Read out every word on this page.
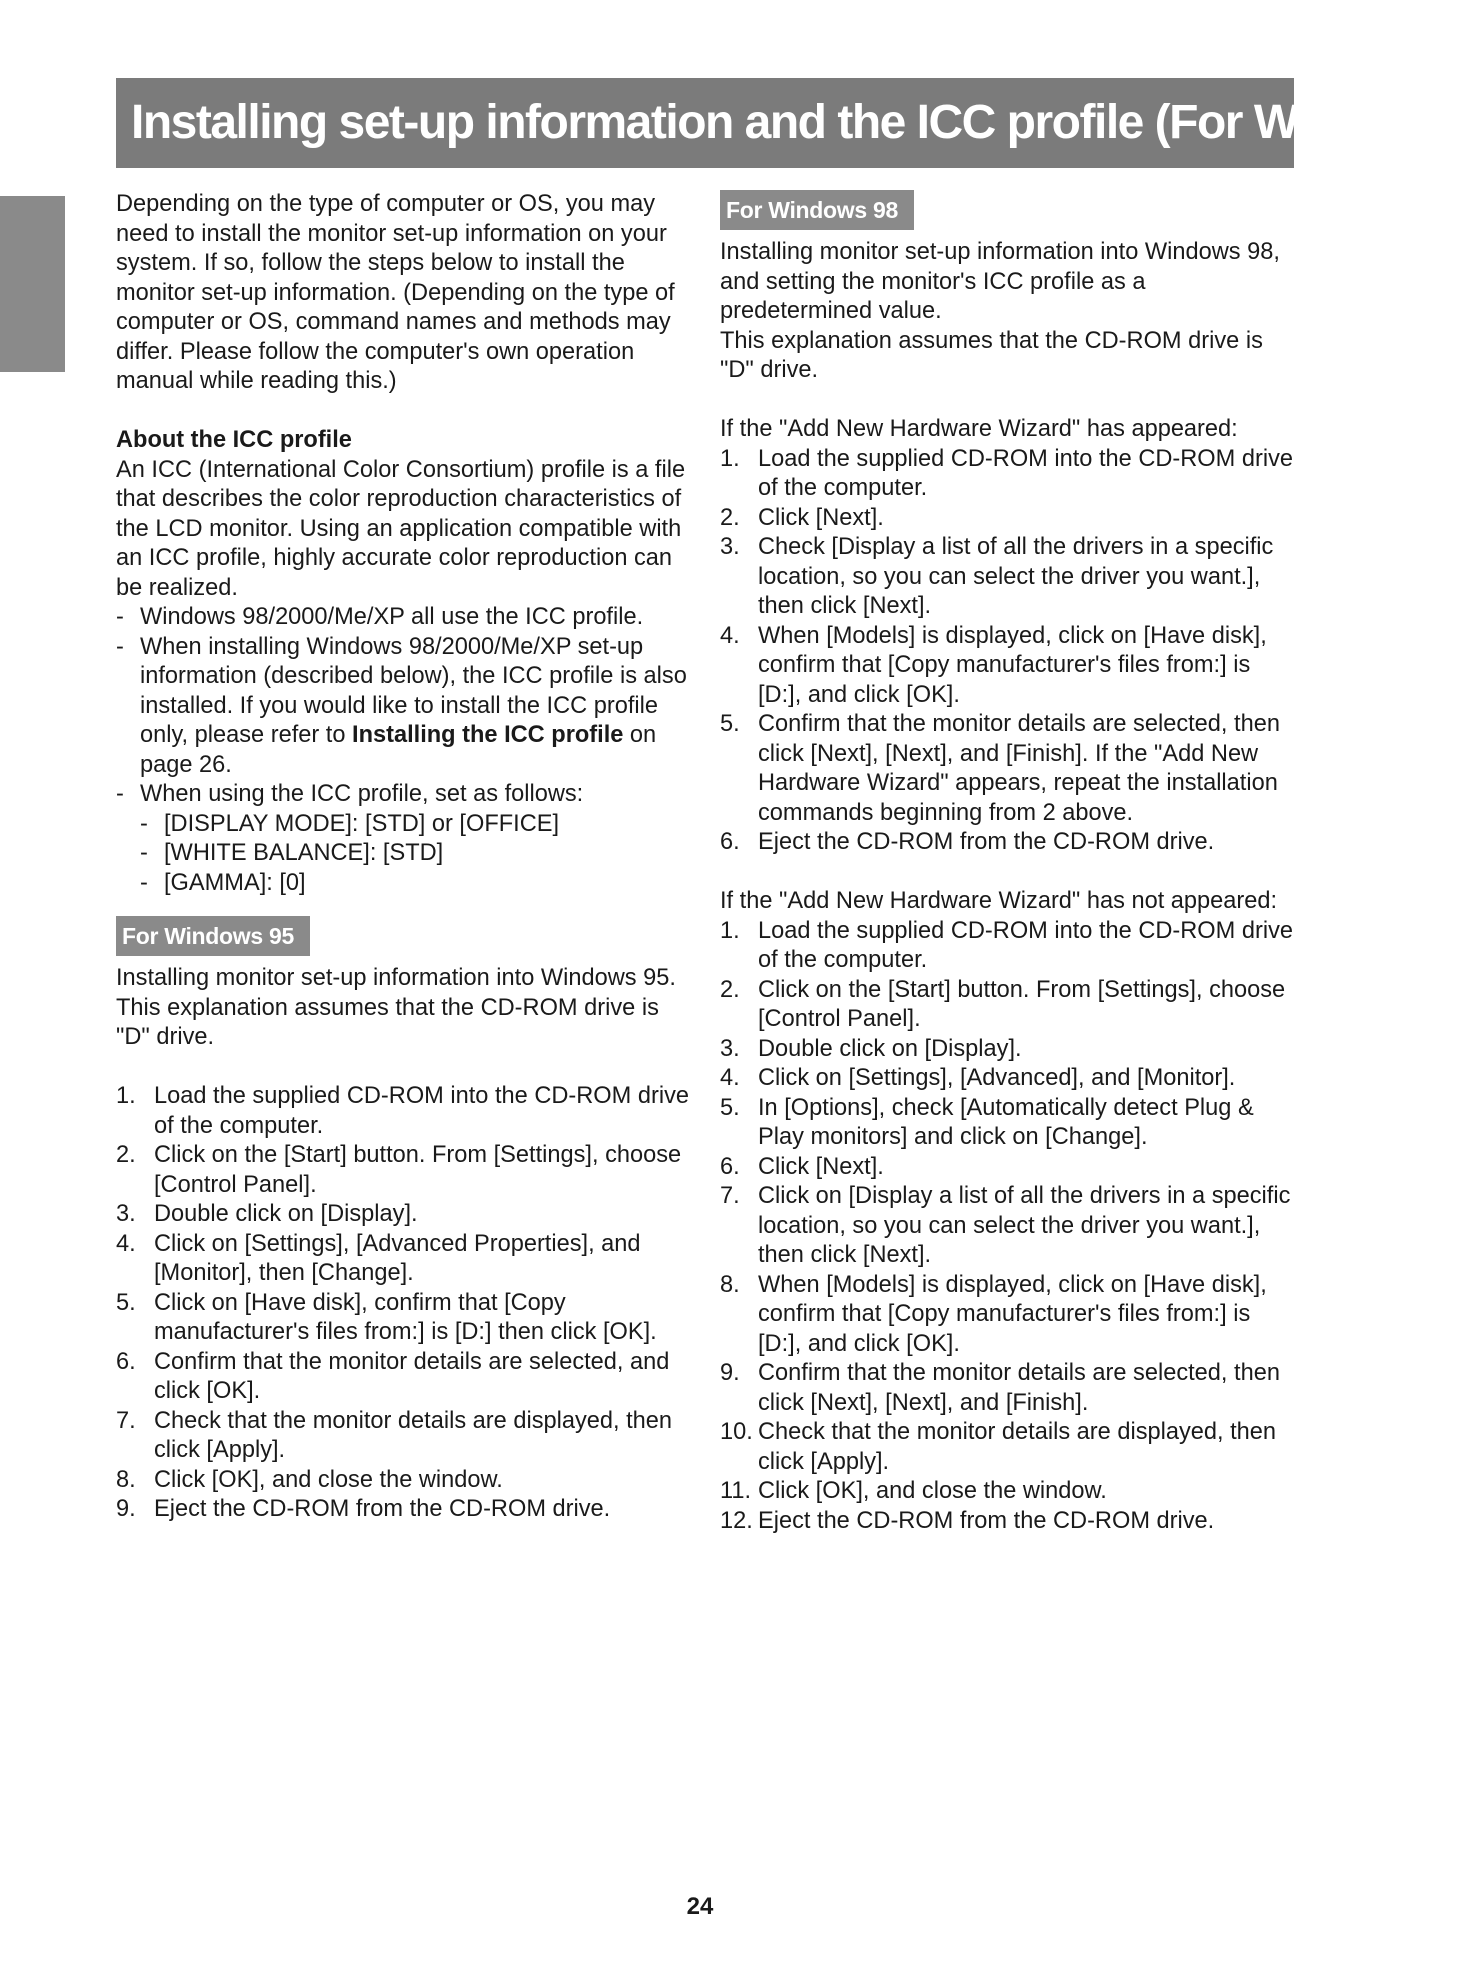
Installing set-up information and the ICC profile (For Windows)

Depending on the type of computer or OS, you may need to install the monitor set-up information on your system. If so, follow the steps below to install the monitor set-up information. (Depending on the type of computer or OS, command names and methods may differ. Please follow the computer's own operation manual while reading this.)

About the ICC profile

An ICC (International Color Consortium) profile is a file that describes the color reproduction characteristics of the LCD monitor. Using an application compatible with an ICC profile, highly accurate color reproduction can be realized.

- Windows 98/2000/Me/XP all use the ICC profile.
- When installing Windows 98/2000/Me/XP set-up information (described below), the ICC profile is also installed. If you would like to install the ICC profile only, please refer to Installing the ICC profile on page 26.
- When using the ICC profile, set as follows:
- [DISPLAY MODE]: [STD] or [OFFICE]
- [WHITE BALANCE]: [STD]
- [GAMMA]: [0]
For Windows 95

Installing monitor set-up information into Windows 95.

This explanation assumes that the CD-ROM drive is "D" drive.

1. Load the supplied CD-ROM into the CD-ROM drive of the computer.
2. Click on the [Start] button. From [Settings], choose [Control Panel].
3. Double click on [Display].
4. Click on [Settings], [Advanced Properties], and [Monitor], then [Change].
5. Click on [Have disk], confirm that [Copy manufacturer's files from:] is [D:] then click [OK].
6. Confirm that the monitor details are selected, and click [OK].
7. Check that the monitor details are displayed, then click [Apply].
8. Click [OK], and close the window.
9. Eject the CD-ROM from the CD-ROM drive.
For Windows 98

Installing monitor set-up information into Windows 98, and setting the monitor's ICC profile as a predetermined value.

This explanation assumes that the CD-ROM drive is "D" drive.

If the "Add New Hardware Wizard" has appeared:

1. Load the supplied CD-ROM into the CD-ROM drive of the computer.
2. Click [Next].
3. Check [Display a list of all the drivers in a specific location, so you can select the driver you want.], then click [Next].
4. When [Models] is displayed, click on [Have disk], confirm that [Copy manufacturer's files from:] is [D:], and click [OK].
5. Confirm that the monitor details are selected, then click [Next], [Next], and [Finish]. If the "Add New Hardware Wizard" appears, repeat the installation commands beginning from 2 above.
6. Eject the CD-ROM from the CD-ROM drive.

If the "Add New Hardware Wizard" has not appeared:

1. Load the supplied CD-ROM into the CD-ROM drive of the computer.
2. Click on the [Start] button. From [Settings], choose [Control Panel].
3. Double click on [Display].
4. Click on [Settings], [Advanced], and [Monitor].
5. In [Options], check [Automatically detect Plug & Play monitors] and click on [Change].
6. Click [Next].
7. Click on [Display a list of all the drivers in a specific location, so you can select the driver you want.], then click [Next].
8. When [Models] is displayed, click on [Have disk], confirm that [Copy manufacturer's files from:] is [D:], and click [OK].
9. Confirm that the monitor details are selected, then click [Next], [Next], and [Finish].
10. Check that the monitor details are displayed, then click [Apply].
11. Click [OK], and close the window.
12. Eject the CD-ROM from the CD-ROM drive.
24
